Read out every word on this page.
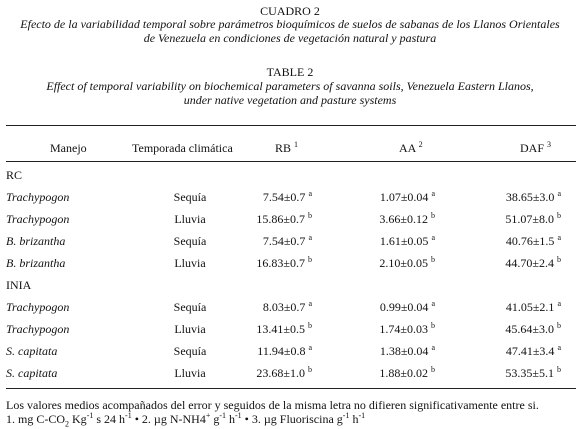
CUADRO 2
Efecto de la variabilidad temporal sobre parámetros bioquímicos de suelos de sabanas de los Llanos Orientales
de Venezuela en condiciones de vegetación natural y pastura
TABLE 2
Effect of temporal variability on biochemical parameters of savanna soils, Venezuela Eastern Llanos,
under native vegetation and pasture systems
Manejo	Temporada climática	RB $^1$	AA $^2$	DAF $^3$
RC
Trachypogon	Sequía	7.54±0.7 $^a$	1.07±0.04 $^a$	38.65±3.0 $^a$
Trachypogon	Lluvia	15.86±0.7 $^b$	3.66±0.12 $^b$	51.07±8.0 $^b$
B. brizantha	Sequía	7.54±0.7 $^a$	1.61±0.05 $^a$	40.76±1.5 $^a$
B. brizantha	Lluvia	16.83±0.7 $^b$	2.10±0.05 $^b$	44.70±2.4 $^b$
INIA
Trachypogon	Sequía	8.03±0.7 $^a$	0.99±0.04 $^a$	41.05±2.1 $^a$
Trachypogon	Lluvia	13.41±0.5 $^b$	1.74±0.03 $^b$	45.64±3.0 $^b$
S. capitata	Sequía	11.94±0.8 $^a$	1.38±0.04 $^a$	47.41±3.4 $^a$
S. capitata	Lluvia	23.68±1.0 $^b$	1.88±0.02 $^b$	53.35±5.1 $^b$
Los valores medios acompañados del error y seguidos de la misma letra no difieren significativamente entre si.
1. mg $C-CO_2$ $Kg^{-1}$ s 24 $h^{-1}$ • 2. µg N-NH4+ $g^{-1}$ $h^{-1}$ • 3. µg Fluoriscina $g^{-1}$ $h^{-1}$
